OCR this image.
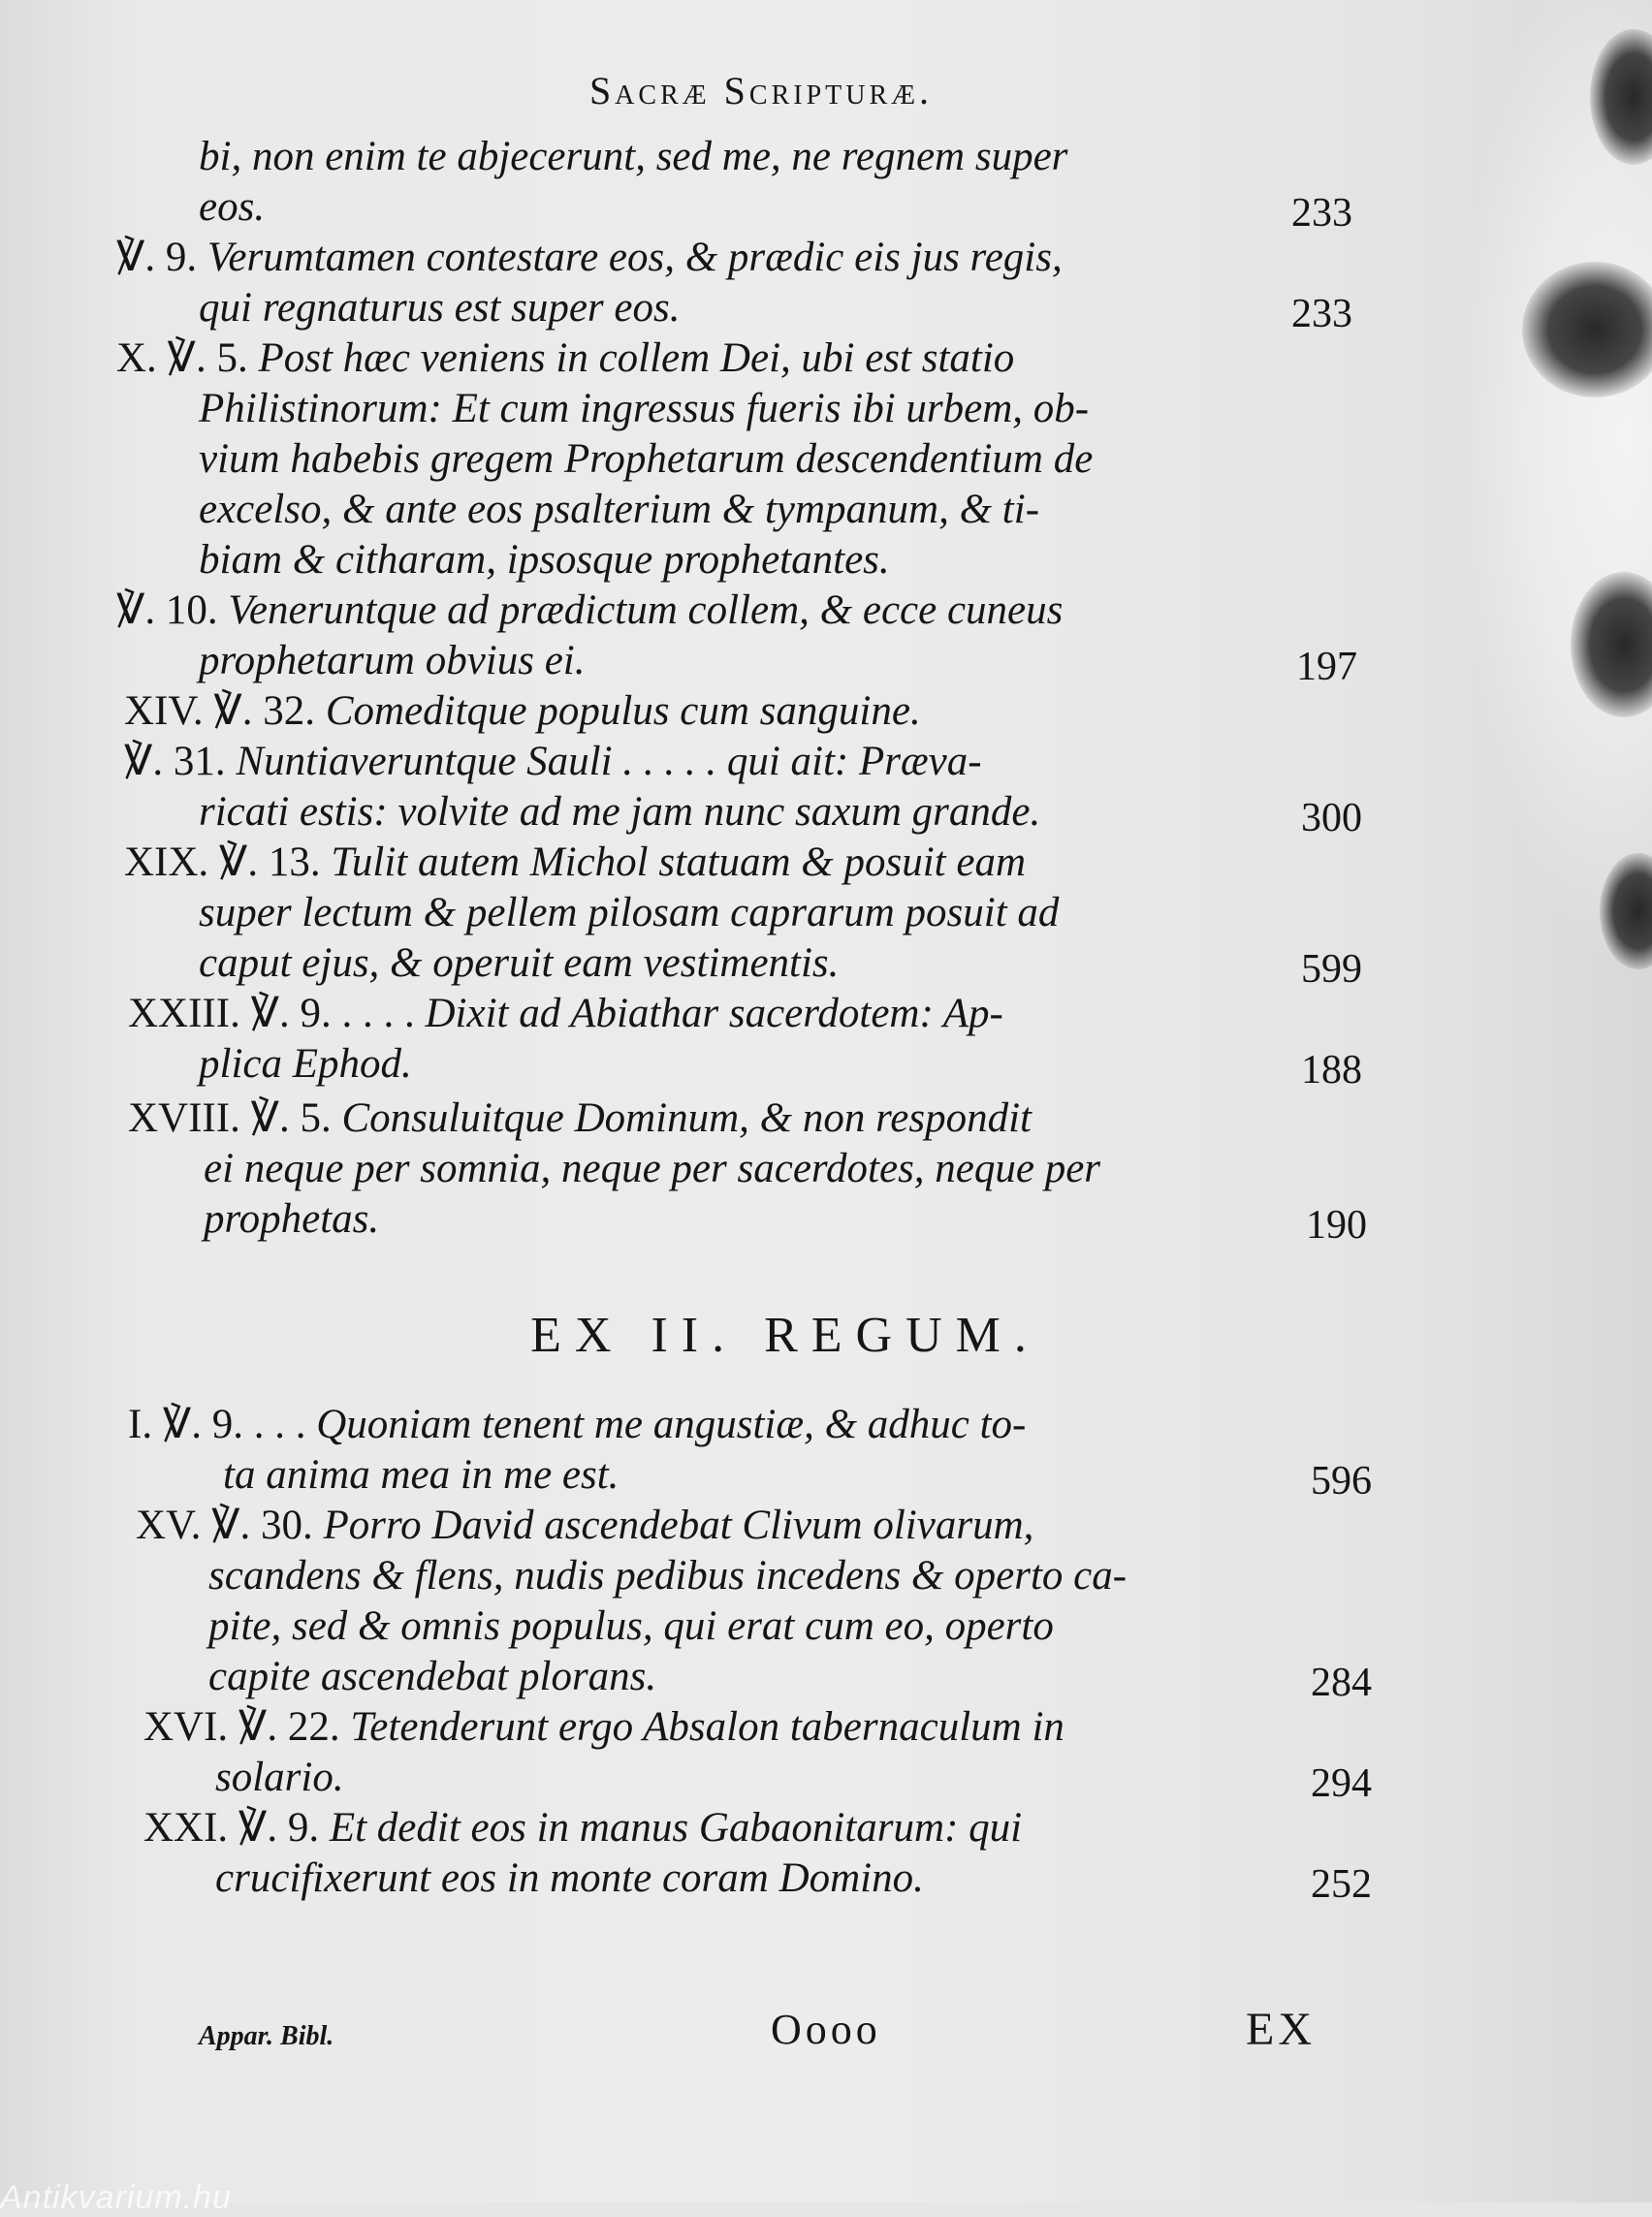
Sacræ Scripturæ.
bi, non enim te abjecerunt, sed me, ne regnem super
eos.	233
℣. 9. Verumtamen contestare eos, & prædic eis jus regis,
qui regnaturus est super eos.	233
X. ℣. 5. Post hæc veniens in collem Dei, ubi est statio
Philistinorum: Et cum ingressus fueris ibi urbem, ob-
vium habebis gregem Prophetarum descendentium de
excelso, & ante eos psalterium & tympanum, & ti-
biam & citharam, ipsosque prophetantes.
℣. 10. Veneruntque ad prædictum collem, & ecce cuneus
prophetarum obvius ei.	197
XIV. ℣. 32. Comeditque populus cum sanguine.
℣. 31. Nuntiaveruntque Sauli . . . . . qui ait: Præva-
ricati estis: volvite ad me jam nunc saxum grande.	300
XIX. ℣. 13. Tulit autem Michol statuam & posuit eam
super lectum & pellem pilosam caprarum posuit ad
caput ejus, & operuit eam vestimentis.	599
XXIII. ℣. 9. . . . . Dixit ad Abiathar sacerdotem: Ap-
plica Ephod.	188
XVIII. ℣. 5. Consuluitque Dominum, & non respondit
ei neque per somnia, neque per sacerdotes, neque per
prophetas.	190
EX II. REGUM.
I. ℣. 9. . . . Quoniam tenent me angustiæ, & adhuc to-
ta anima mea in me est.	596
XV. ℣. 30. Porro David ascendebat Clivum olivarum,
scandens & flens, nudis pedibus incedens & operto ca-
pite, sed & omnis populus, qui erat cum eo, operto
capite ascendebat plorans.	284
XVI. ℣. 22. Tetenderunt ergo Absalon tabernaculum in
solario.	294
XXI. ℣. 9. Et dedit eos in manus Gabaonitarum: qui
crucifixerunt eos in monte coram Domino.	252
Appar. Bibl.	Oooo	EX
Antikvarium.hu
